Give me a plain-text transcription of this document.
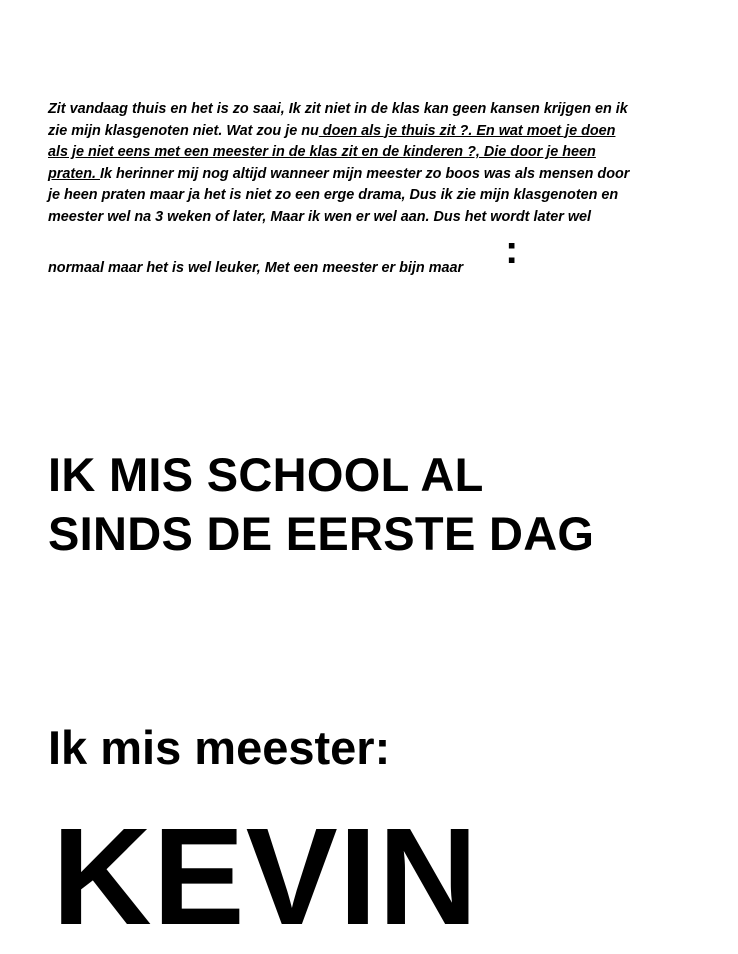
Zit vandaag thuis en het is zo saai, Ik zit niet in de klas kan geen kansen krijgen en ik
zie mijn klasgenoten niet. Wat zou je nu doen als je thuis zit ?. En wat moet je doen
als je niet eens met een meester in de klas zit en de kinderen ?, Die door je heen
praten. Ik herinner mij nog altijd wanneer mijn meester zo boos was als mensen door
je heen praten maar ja het is niet zo een erge drama, Dus ik zie mijn klasgenoten en
meester wel na 3 weken of later, Maar ik wen er wel aan. Dus het wordt later wel
normaal maar het is wel leuker, Met een meester er bijn maar :
IK MIS SCHOOL AL
SINDS DE EERSTE DAG
Ik mis meester:
KEVIN
